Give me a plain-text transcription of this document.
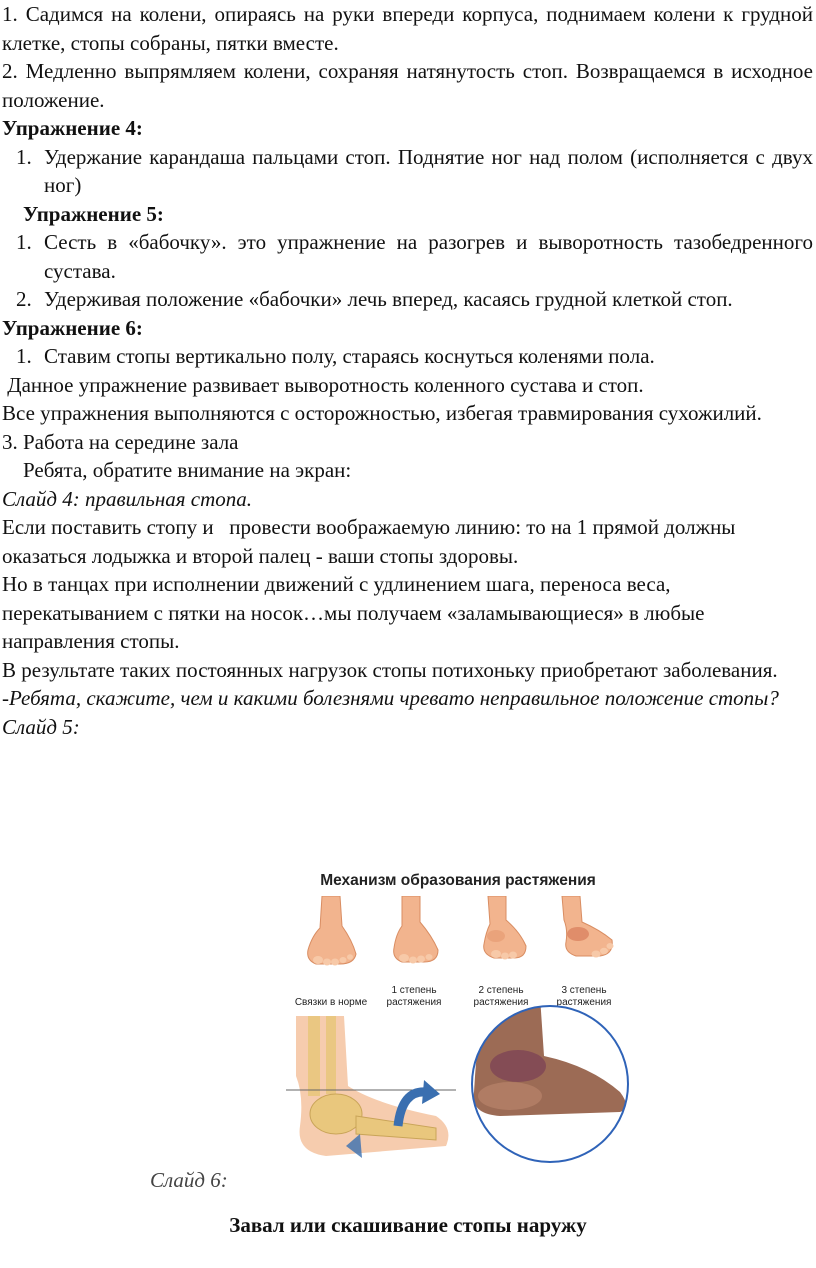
1. Садимся на колени, опираясь на руки впереди корпуса, поднимаем колени к грудной клетке, стопы собраны, пятки вместе.

2. Медленно выпрямляем колени, сохраняя натянутость стоп. Возвращаемся в исходное положение.

Упражнение 4:

1. Удержание карандаша пальцами стоп. Поднятие ног над полом (исполняется с двух ног)

Упражнение 5:

1. Сесть в «бабочку». это упражнение на разогрев и выворотность тазобедренного сустава.
2. Удерживая положение «бабочки» лечь вперед, касаясь грудной клеткой стоп.

Упражнение 6:

1. Ставим стопы вертикально полу, стараясь коснуться коленями пола.

Данное упражнение развивает выворотность коленного сустава и стоп.

Все упражнения выполняются с осторожностью, избегая травмирования сухожилий.

3. Работа на середине зала

Ребята, обратите внимание на экран:

Слайд 4: правильная стопа.

Если поставить стопу и   провести воображаемую линию: то на 1 прямой должны оказаться лодыжка и второй палец - ваши стопы здоровы.

Но в танцах при исполнении движений с удлинением шага, переноса веса, перекатыванием с пятки на носок…мы получаем «заламывающиеся» в любые направления стопы.

В результате таких постоянных нагрузок стопы потихоньку приобретают заболевания.

-Ребята, скажите, чем и какими болезнями чревато неправильное положение стопы?

Слайд 5:

Механизм образования растяжения
Связки в норме
1 степень растяжения
2 степень растяжения
3 степень растяжения
Слайд 6:
Завал или скашивание стопы наружу
